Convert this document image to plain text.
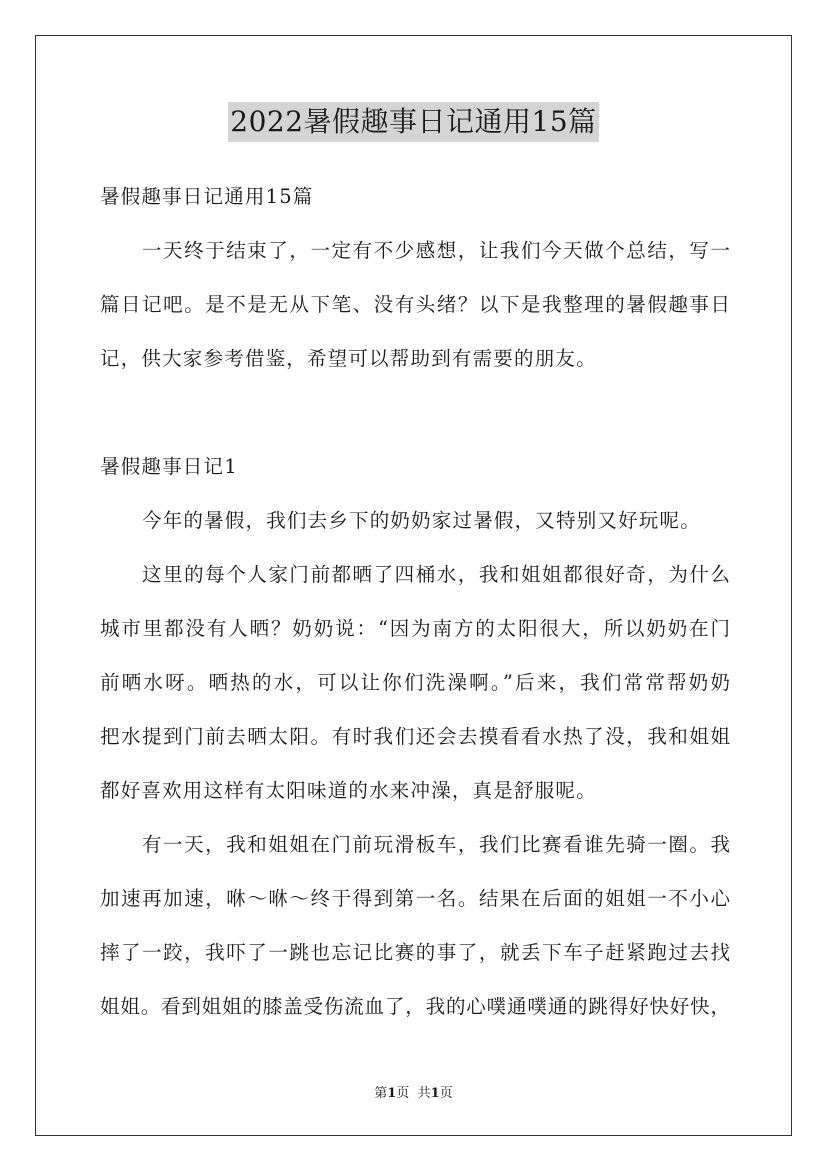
2022暑假趣事日记通用15篇
暑假趣事日记通用15篇
一天终于结束了，一定有不少感想，让我们今天做个总结，写一
篇日记吧。是不是无从下笔、没有头绪？以下是我整理的暑假趣事日
记，供大家参考借鉴，希望可以帮助到有需要的朋友。
暑假趣事日记1
今年的暑假，我们去乡下的奶奶家过暑假，又特别又好玩呢。
这里的每个人家门前都晒了四桶水，我和姐姐都很好奇，为什么
城市里都没有人晒？奶奶说：“因为南方的太阳很大，所以奶奶在门
前晒水呀。晒热的水，可以让你们洗澡啊。”后来，我们常常帮奶奶
把水提到门前去晒太阳。有时我们还会去摸看看水热了没，我和姐姐
都好喜欢用这样有太阳味道的水来冲澡，真是舒服呢。
有一天，我和姐姐在门前玩滑板车，我们比赛看谁先骑一圈。我
加速再加速，咻～咻～终于得到第一名。结果在后面的姐姐一不小心
摔了一跤，我吓了一跳也忘记比赛的事了，就丢下车子赶紧跑过去找
姐姐。看到姐姐的膝盖受伤流血了，我的心噗通噗通的跳得好快好快，
第1页 共1页
